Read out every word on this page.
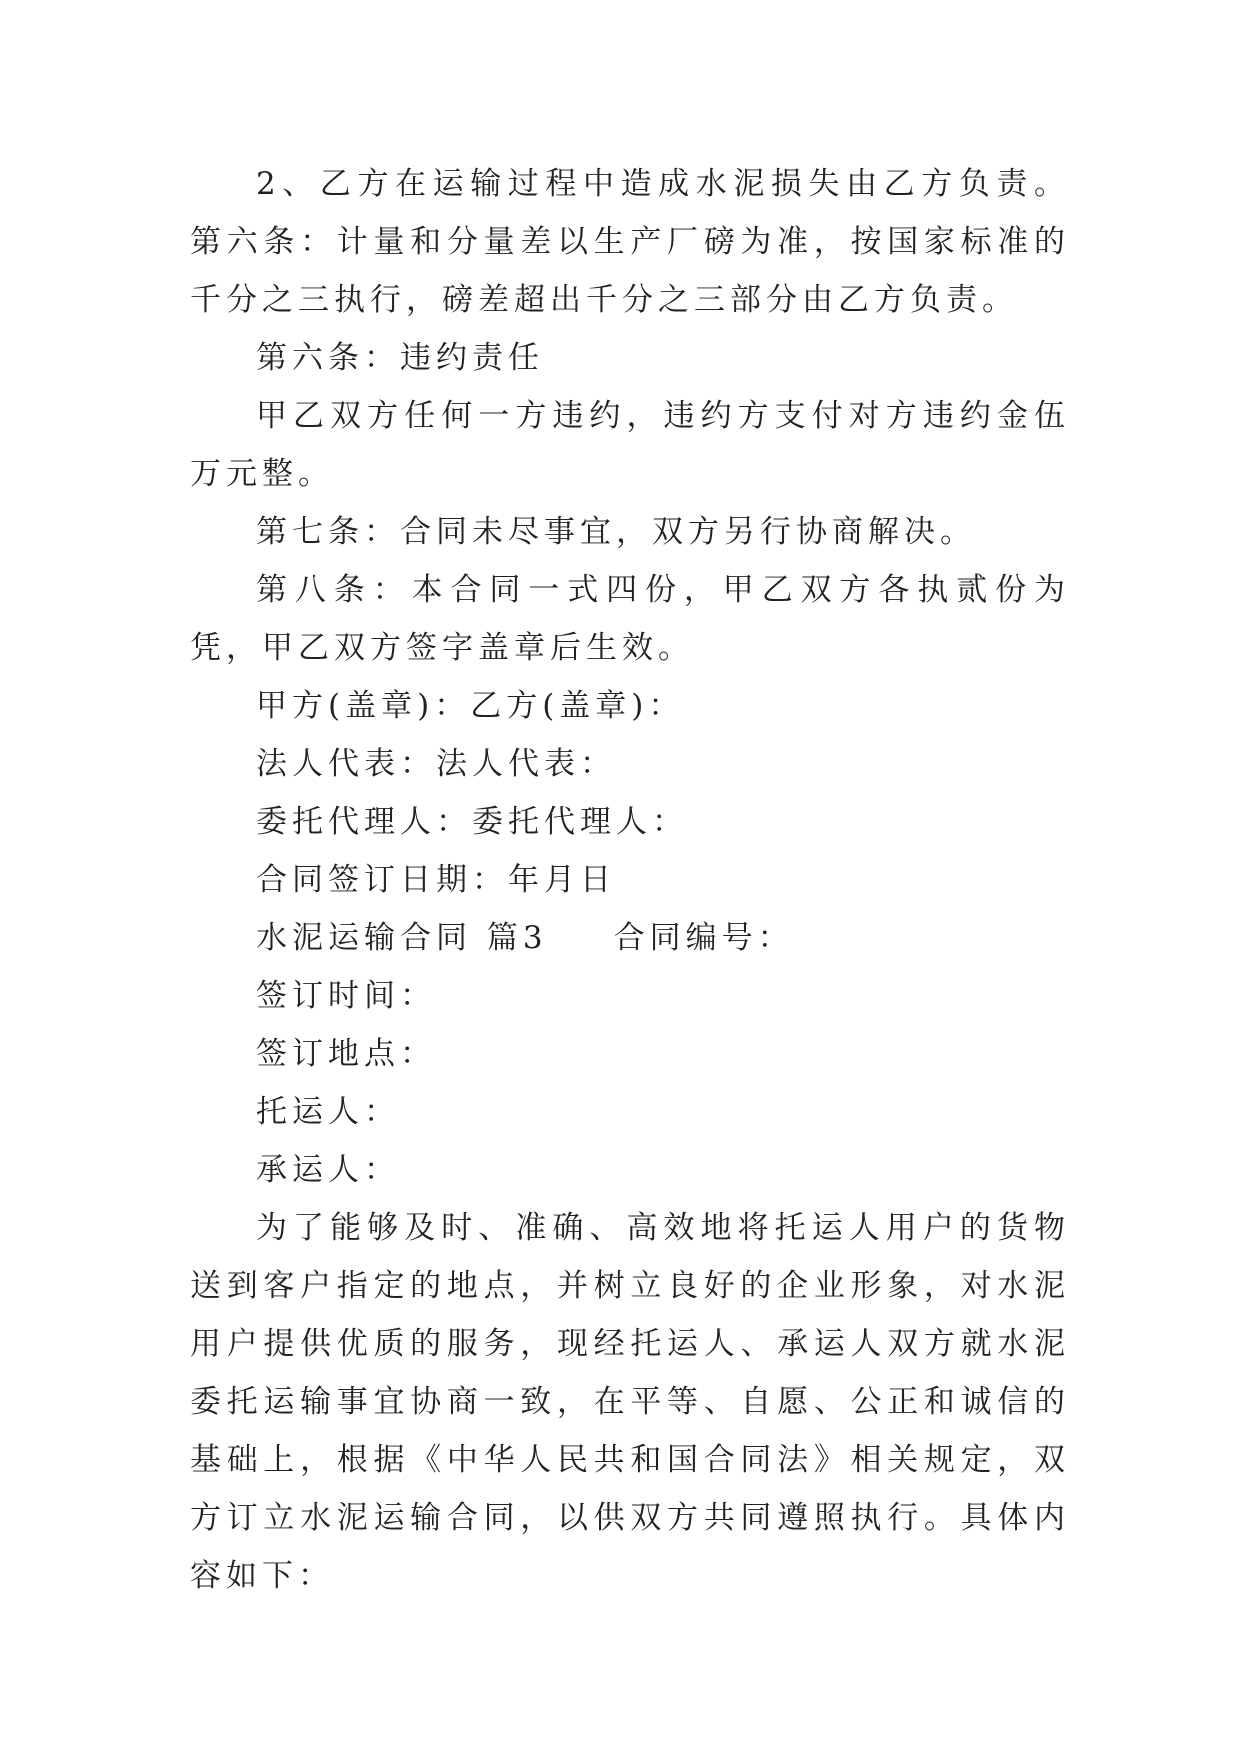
2、乙方在运输过程中造成水泥损失由乙方负责。第六条：计量和分量差以生产厂磅为准，按国家标准的千分之三执行，磅差超出千分之三部分由乙方负责。

第六条：违约责任

甲乙双方任何一方违约，违约方支付对方违约金伍万元整。

第七条：合同未尽事宜，双方另行协商解决。

第八条：本合同一式四份，甲乙双方各执贰份为凭，甲乙双方签字盖章后生效。

甲方(盖章)：乙方(盖章)：

法人代表：法人代表：

委托代理人：委托代理人：

合同签订日期：年月日

水泥运输合同 篇3 合同编号：

签订时间：

签订地点：

托运人：

承运人：

为了能够及时、准确、高效地将托运人用户的货物送到客户指定的地点，并树立良好的企业形象，对水泥用户提供优质的服务，现经托运人、承运人双方就水泥委托运输事宜协商一致，在平等、自愿、公正和诚信的基础上，根据《中华人民共和国合同法》相关规定，双方订立水泥运输合同，以供双方共同遵照执行。具体内容如下：
